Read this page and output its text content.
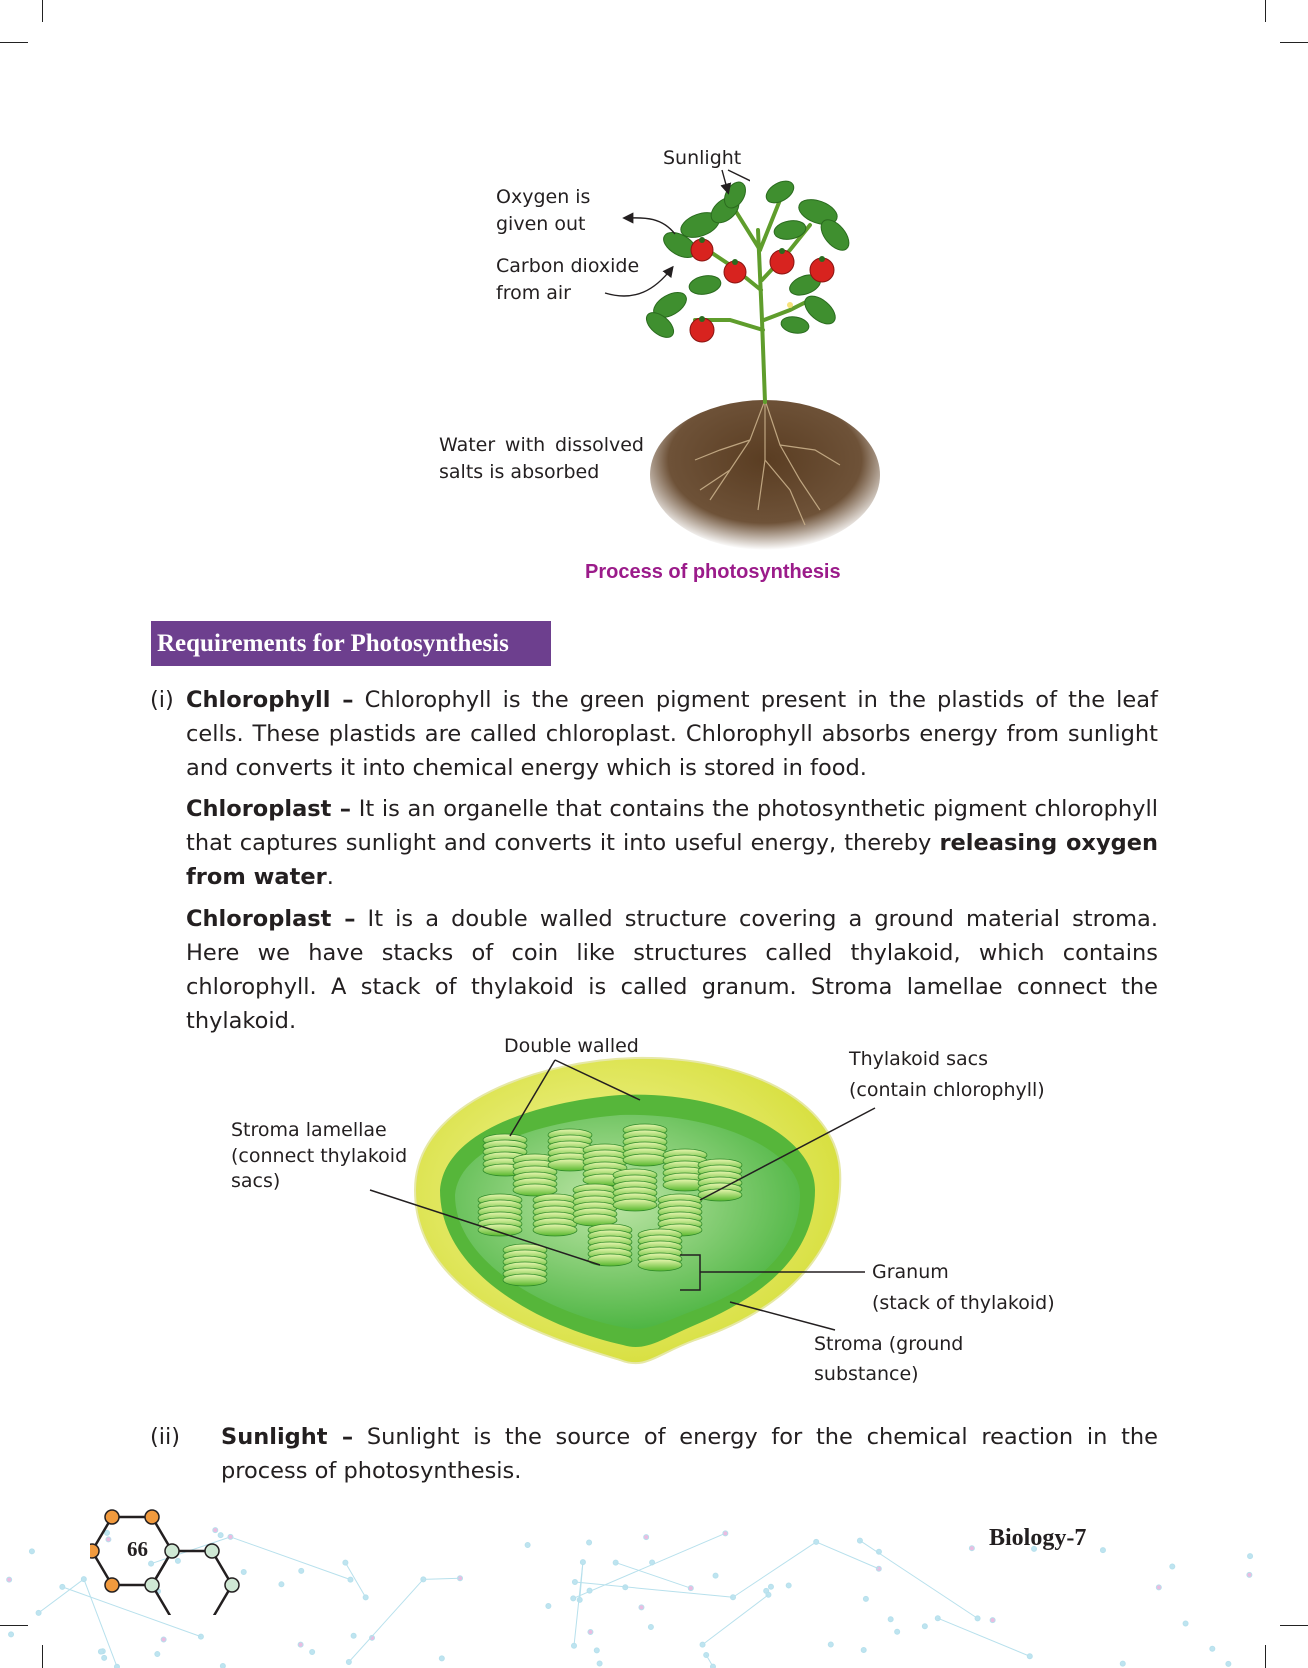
Sunlight
Oxygen is given out
Carbon dioxide from air
Water with dissolved salts is absorbed
Process of photosynthesis
Requirements for Photosynthesis
(i) Chlorophyll – Chlorophyll is the green pigment present in the plastids of the leaf cells. These plastids are called chloroplast. Chlorophyll absorbs energy from sunlight and converts it into chemical energy which is stored in food.
Chloroplast – It is an organelle that contains the photosynthetic pigment chlorophyll that captures sunlight and converts it into useful energy, thereby releasing oxygen from water.
Chloroplast – It is a double walled structure covering a ground material stroma. Here we have stacks of coin like structures called thylakoid, which contains chlorophyll. A stack of thylakoid is called granum. Stroma lamellae connect the thylakoid.
Double walled
Thylakoid sacs
(contain chlorophyll)
Stroma lamellae
(connect thylakoid
sacs)
Granum
(stack of thylakoid)
Stroma (ground
substance)
(ii) Sunlight – Sunlight is the source of energy for the chemical reaction in the process of photosynthesis.
66	Biology-7
